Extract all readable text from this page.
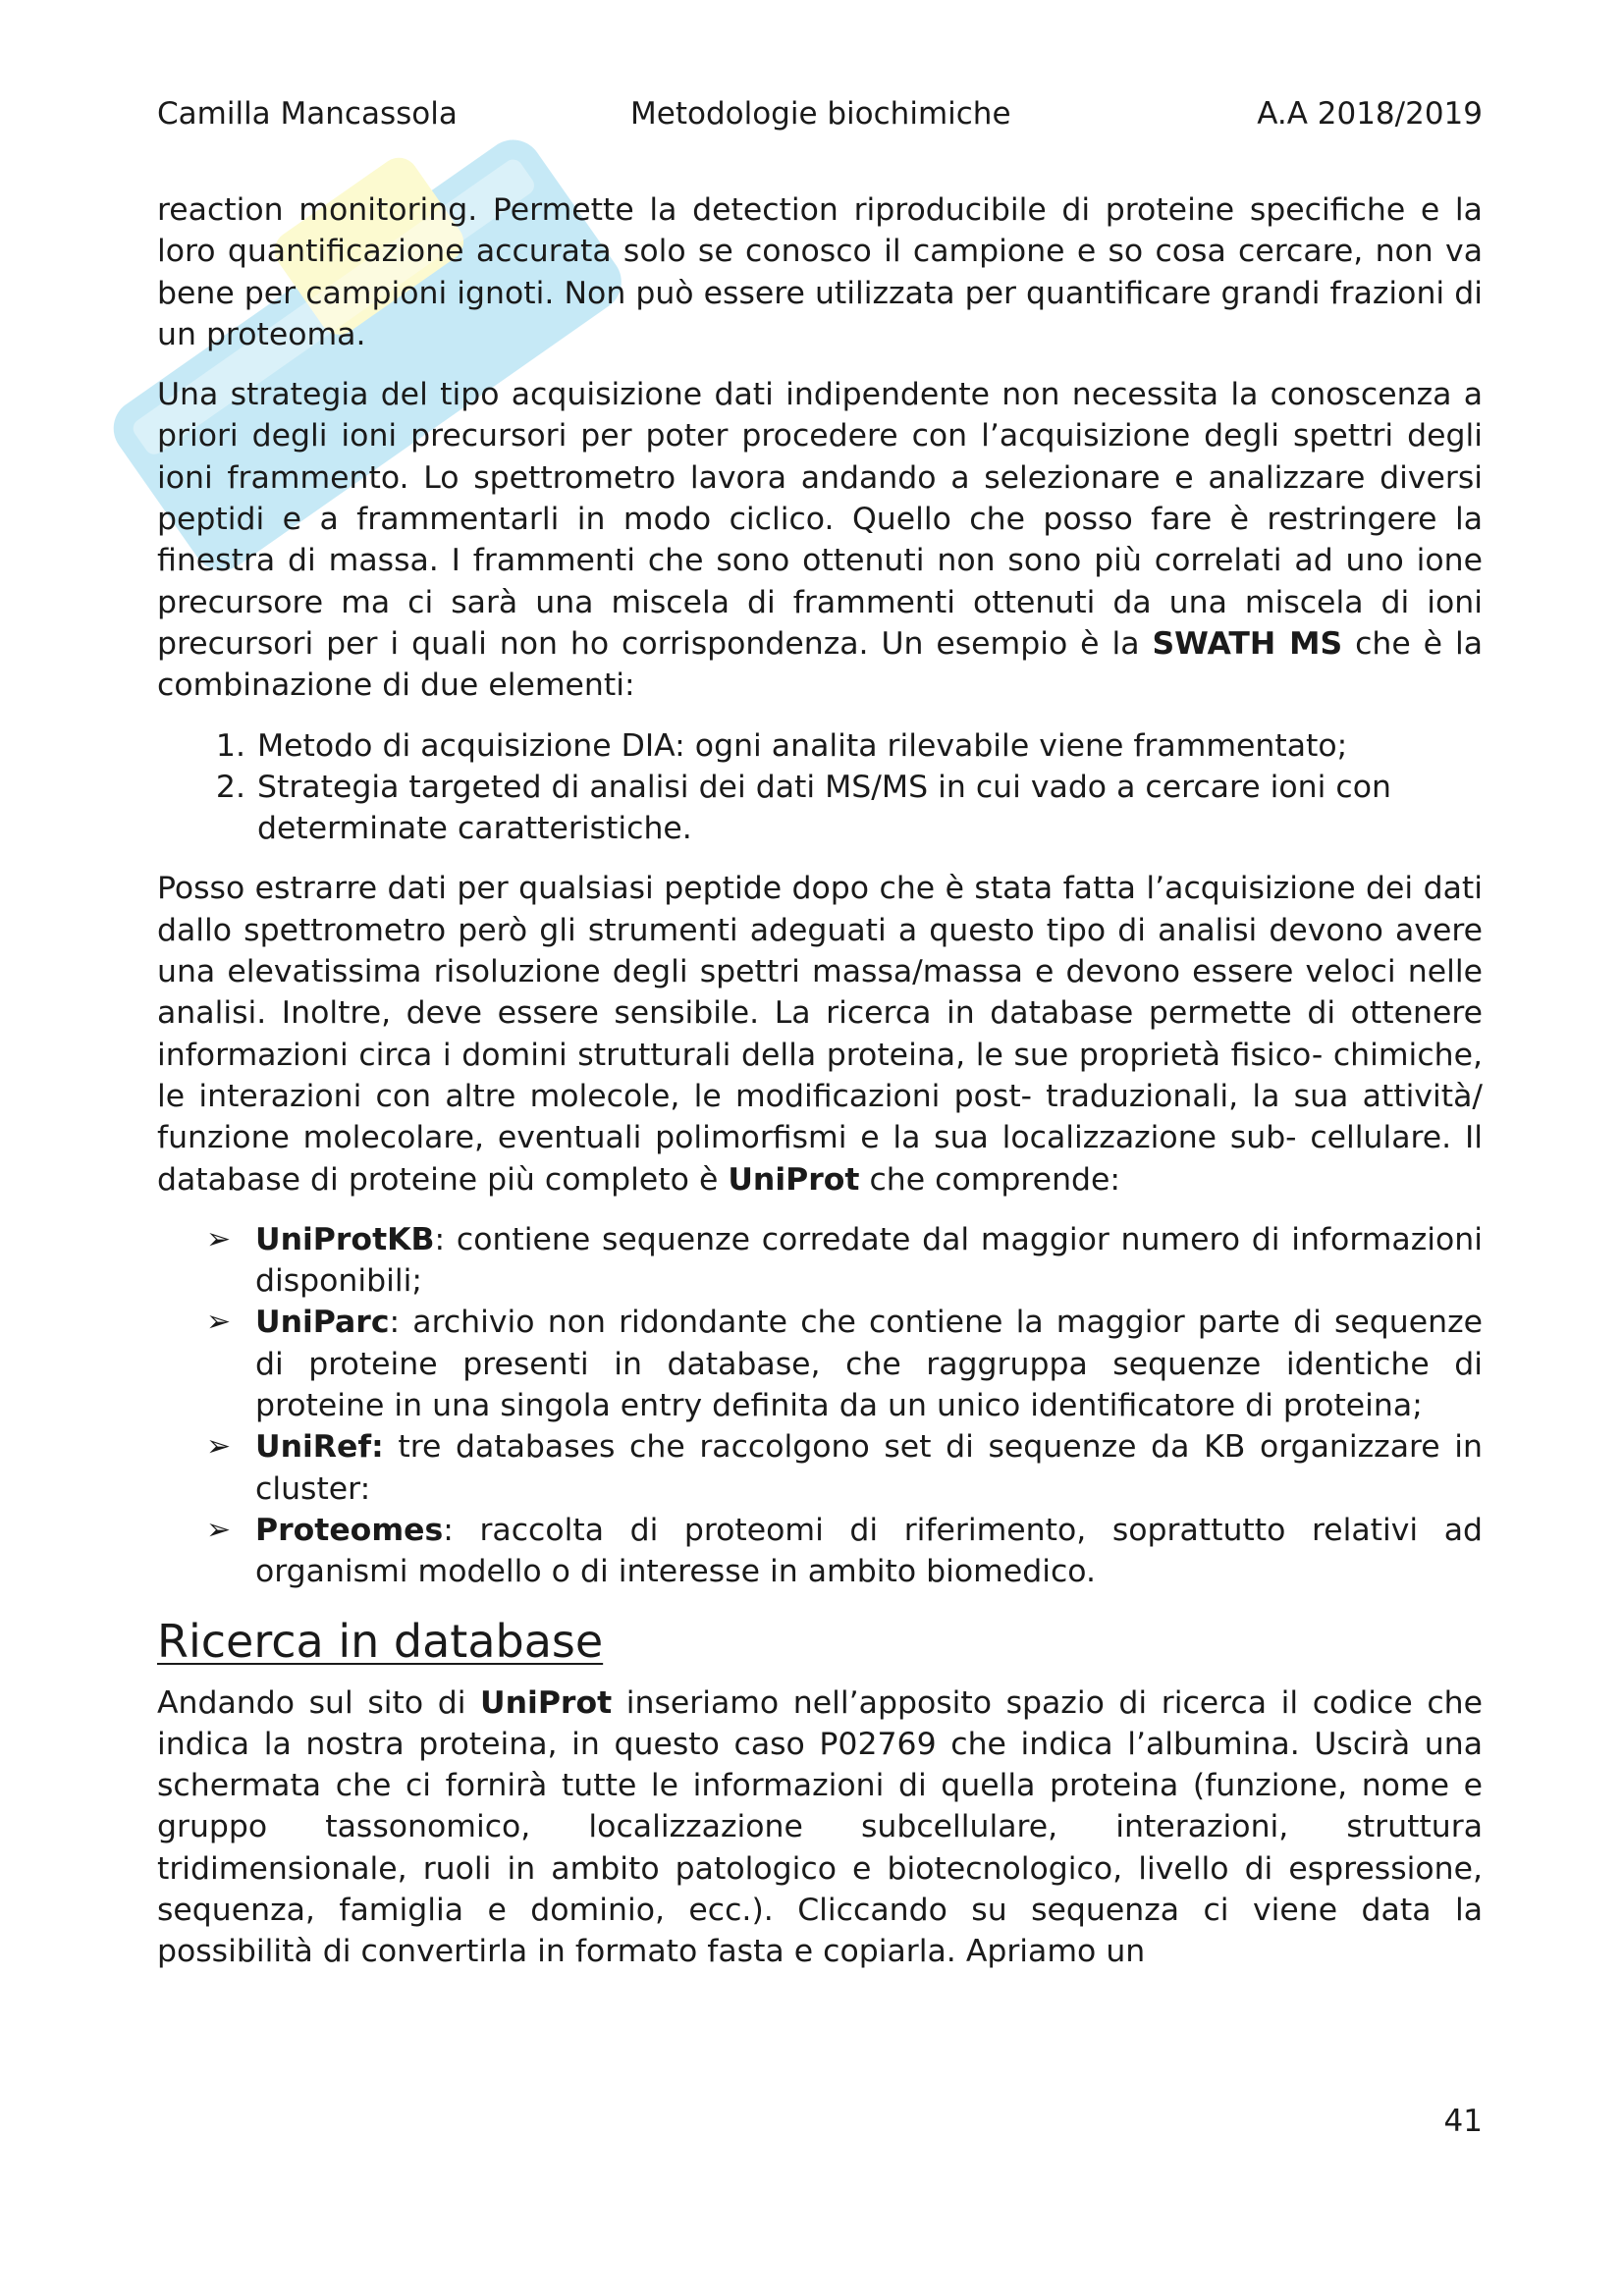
Camilla Mancassola	Metodologie biochimiche	A.A 2018/2019

reaction monitoring. Permette la detection riproducibile di proteine specifiche e la loro quantificazione accurata solo se conosco il campione e so cosa cercare, non va bene per campioni ignoti. Non può essere utilizzata per quantificare grandi frazioni di un proteoma.

Una strategia del tipo acquisizione dati indipendente non necessita la conoscenza a priori degli ioni precursori per poter procedere con l’acquisizione degli spettri degli ioni frammento. Lo spettrometro lavora andando a selezionare e analizzare diversi peptidi e a frammentarli in modo ciclico. Quello che posso fare è restringere la finestra di massa. I frammenti che sono ottenuti non sono più correlati ad uno ione precursore ma ci sarà una miscela di frammenti ottenuti da una miscela di ioni precursori per i quali non ho corrispondenza. Un esempio è la SWATH MS che è la combinazione di due elementi:

1. Metodo di acquisizione DIA: ogni analita rilevabile viene frammentato;
2. Strategia targeted di analisi dei dati MS/MS in cui vado a cercare ioni con determinate caratteristiche.

Posso estrarre dati per qualsiasi peptide dopo che è stata fatta l’acquisizione dei dati dallo spettrometro però gli strumenti adeguati a questo tipo di analisi devono avere una elevatissima risoluzione degli spettri massa/massa e devono essere veloci nelle analisi. Inoltre, deve essere sensibile. La ricerca in database permette di ottenere informazioni circa i domini strutturali della proteina, le sue proprietà fisico- chimiche, le interazioni con altre molecole, le modificazioni post- traduzionali, la sua attività/ funzione molecolare, eventuali polimorfismi e la sua localizzazione sub- cellulare. Il database di proteine più completo è UniProt che comprende:

➢ UniProtKB: contiene sequenze corredate dal maggior numero di informazioni disponibili;
➢ UniParc: archivio non ridondante che contiene la maggior parte di sequenze di proteine presenti in database, che raggruppa sequenze identiche di proteine in una singola entry definita da un unico identificatore di proteina;
➢ UniRef: tre databases che raccolgono set di sequenze da KB organizzare in cluster:
➢ Proteomes: raccolta di proteomi di riferimento, soprattutto relativi ad organismi modello o di interesse in ambito biomedico.
Ricerca in database

Andando sul sito di UniProt inseriamo nell’apposito spazio di ricerca il codice che indica la nostra proteina, in questo caso P02769 che indica l’albumina. Uscirà una schermata che ci fornirà tutte le informazioni di quella proteina (funzione, nome e gruppo tassonomico, localizzazione subcellulare, interazioni, struttura tridimensionale, ruoli in ambito patologico e biotecnologico, livello di espressione, sequenza, famiglia e dominio, ecc.). Cliccando su sequenza ci viene data la possibilità di convertirla in formato fasta e copiarla. Apriamo un

41
